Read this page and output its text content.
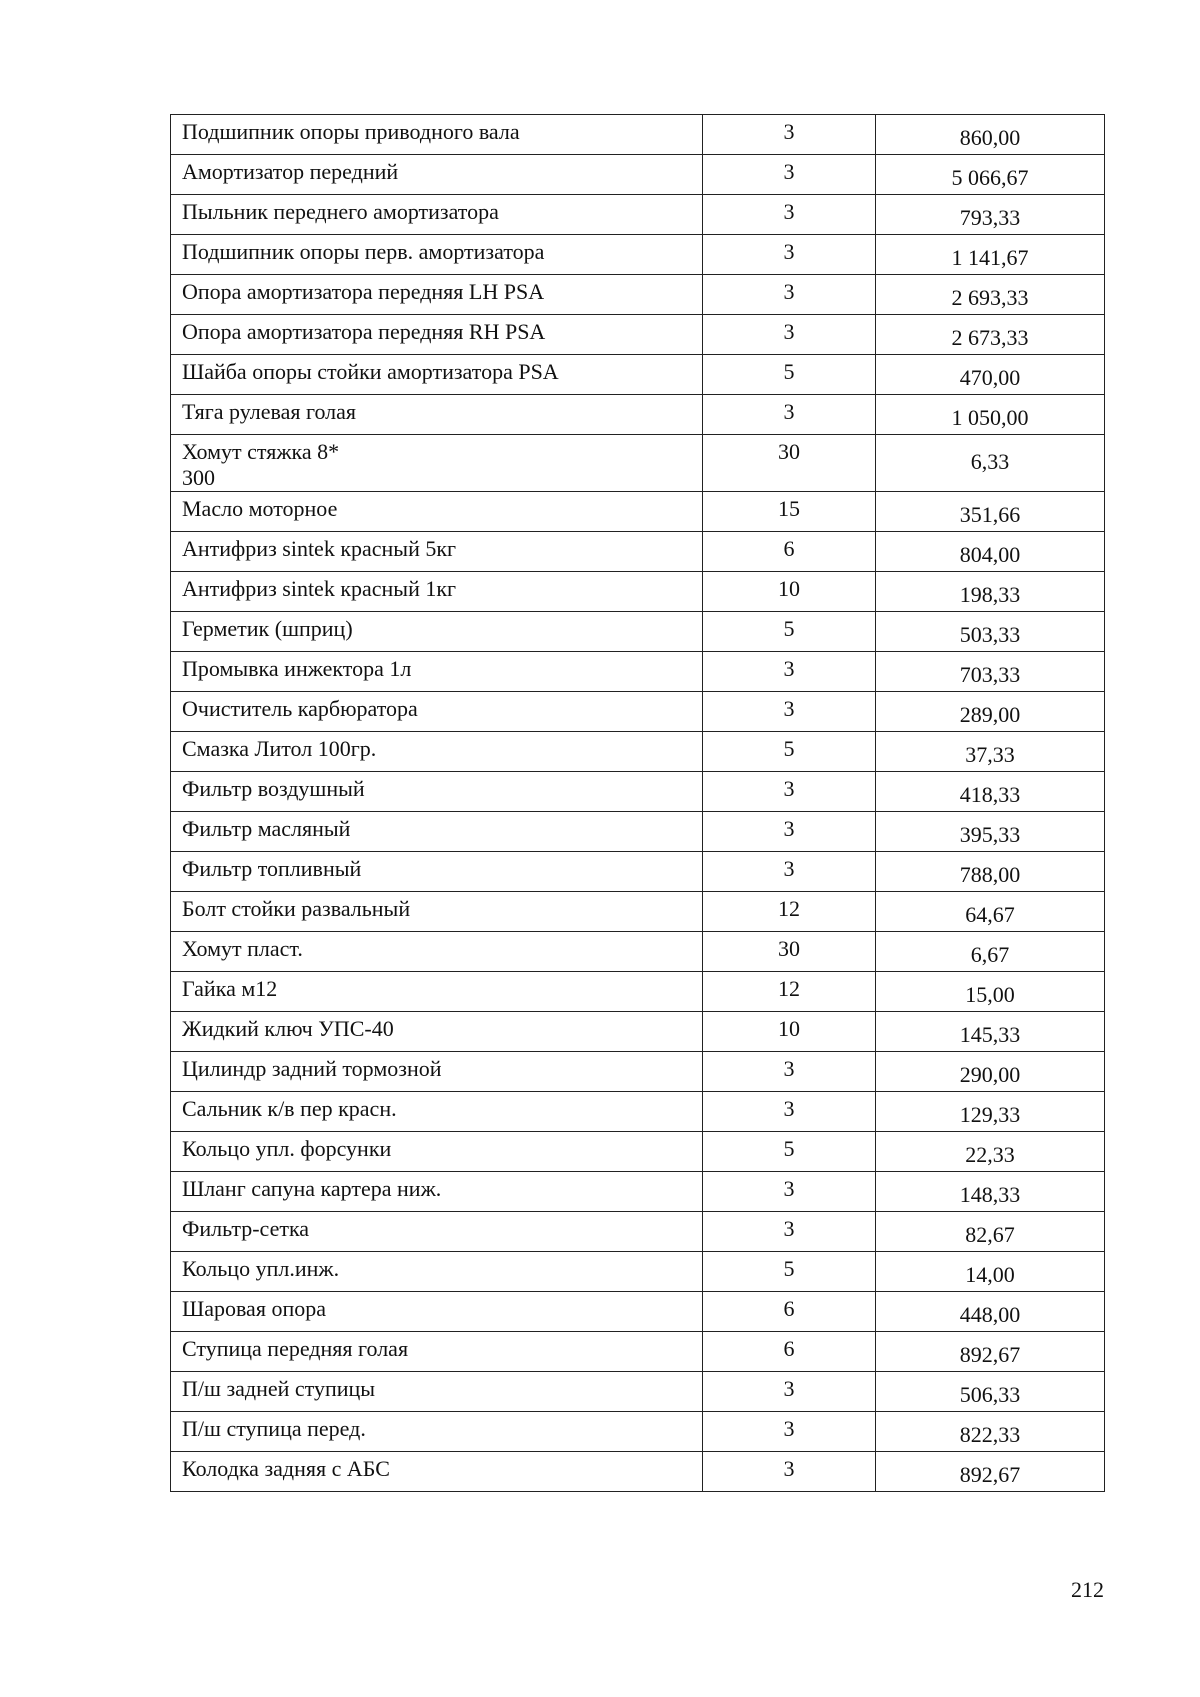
Подшипник опоры приводного вала	3	860,00
Амортизатор передний	3	5 066,67
Пыльник переднего амортизатора	3	793,33
Подшипник опоры перв. амортизатора	3	1 141,67
Опора амортизатора передняя LH PSA	3	2 693,33
Опора амортизатора передняя RH PSA	3	2 673,33
Шайба опоры стойки амортизатора PSA	5	470,00
Тяга рулевая голая	3	1 050,00
Хомут стяжка 8*
300	30	6,33
Масло моторное	15	351,66
Антифриз sintek красный 5кг	6	804,00
Антифриз sintek красный 1кг	10	198,33
Герметик (шприц)	5	503,33
Промывка инжектора 1л	3	703,33
Очиститель карбюратора	3	289,00
Смазка Литол 100гр.	5	37,33
Фильтр воздушный	3	418,33
Фильтр масляный	3	395,33
Фильтр топливный	3	788,00
Болт стойки развальный	12	64,67
Хомут пласт.	30	6,67
Гайка м12	12	15,00
Жидкий ключ УПС-40	10	145,33
Цилиндр задний тормозной	3	290,00
Сальник к/в пер красн.	3	129,33
Кольцо упл. форсунки	5	22,33
Шланг сапуна картера ниж.	3	148,33
Фильтр-сетка	3	82,67
Кольцо упл.инж.	5	14,00
Шаровая опора	6	448,00
Ступица передняя голая	6	892,67
П/ш задней ступицы	3	506,33
П/ш ступица перед.	3	822,33
Колодка задняя с АБС	3	892,67
212
